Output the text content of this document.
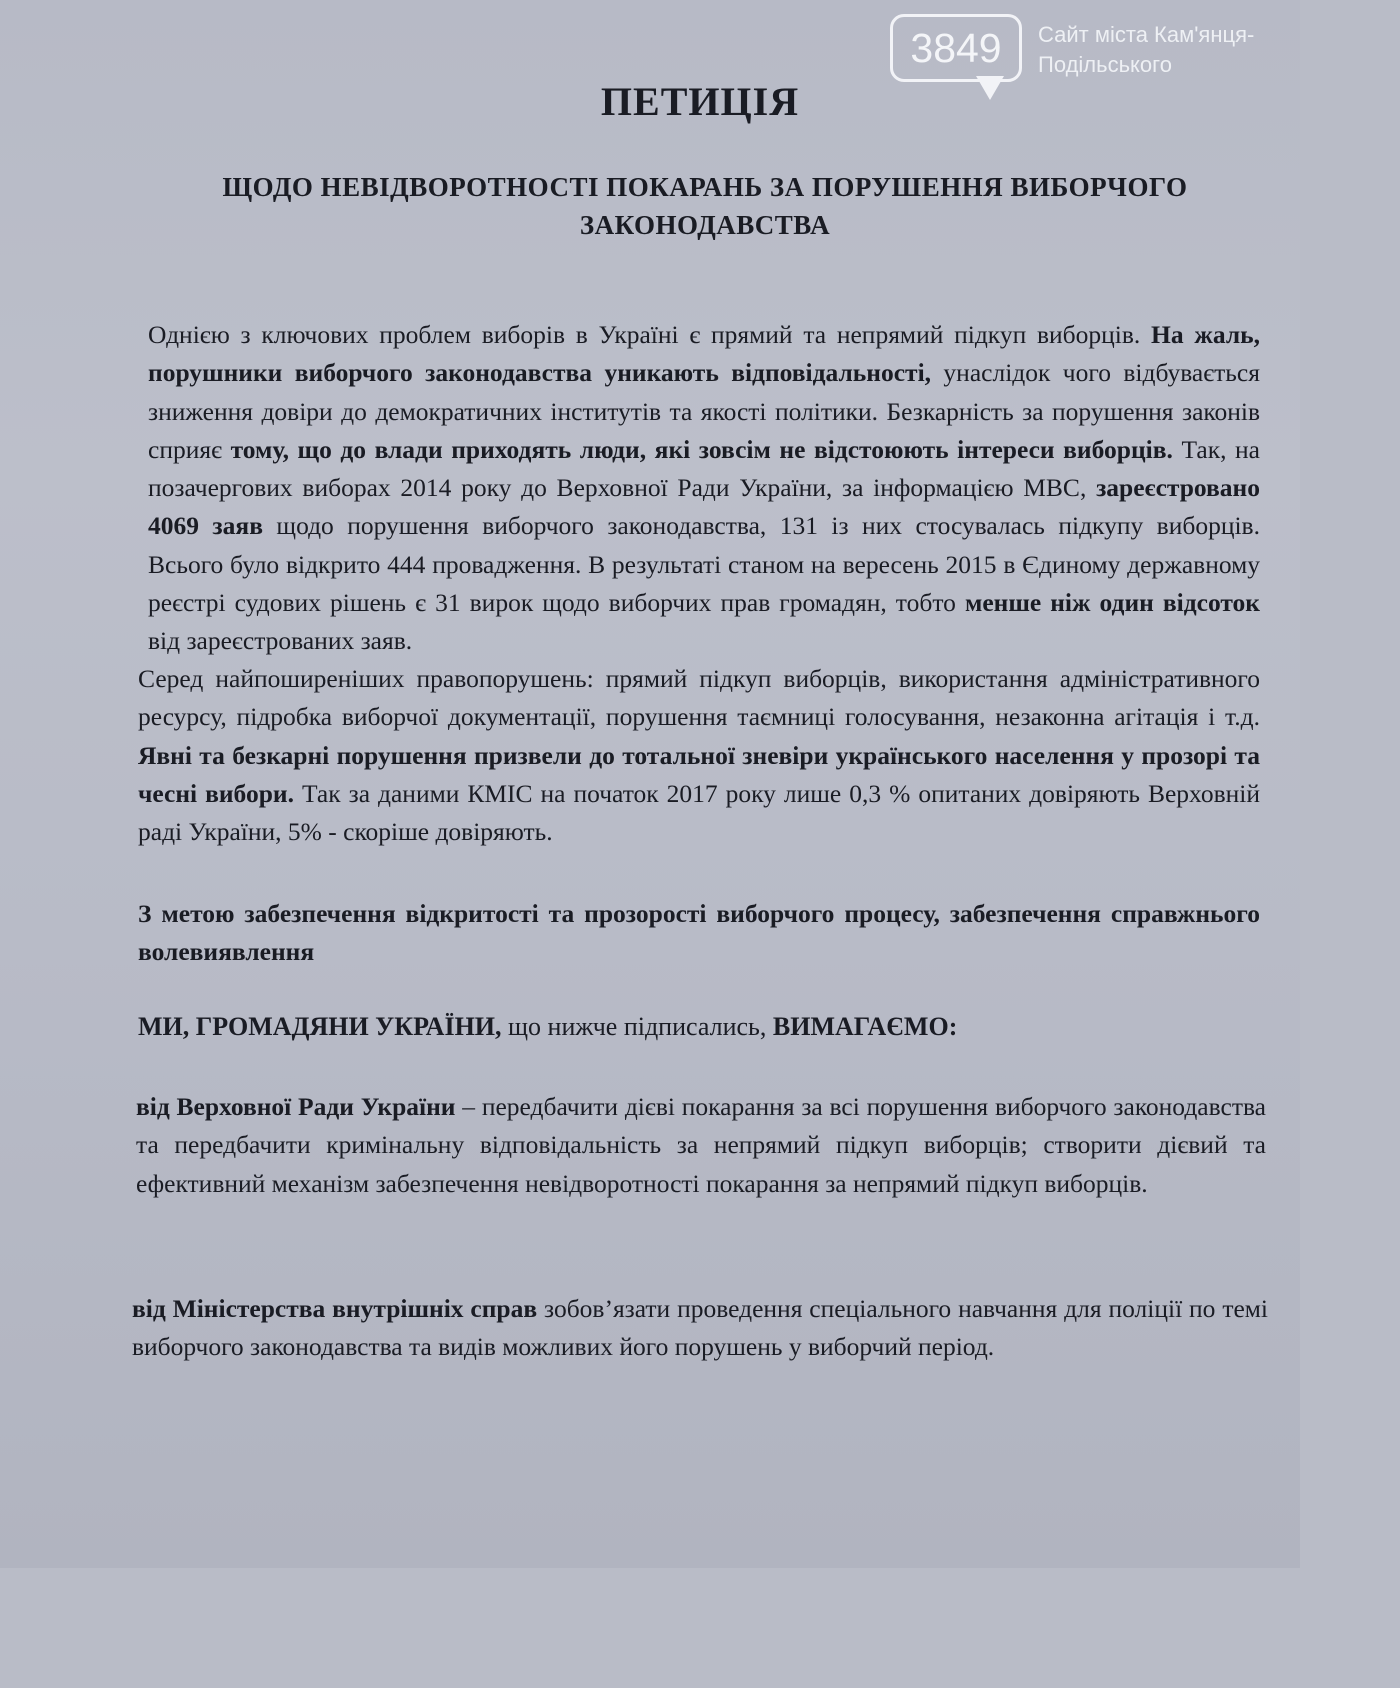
3849	Сайт міста Кам'янця-Подільського
ПЕТИЦІЯ
ЩОДО НЕВІДВОРОТНОСТІ ПОКАРАНЬ ЗА ПОРУШЕННЯ ВИБОРЧОГО ЗАКОНОДАВСТВА

Однією з ключових проблем виборів в Україні є прямий та непрямий підкуп виборців. На жаль, порушники виборчого законодавства уникають відповідальності, унаслідок чого відбувається зниження довіри до демократичних інститутів та якості політики. Безкарність за порушення законів сприяє тому, що до влади приходять люди, які зовсім не відстоюють інтереси виборців. Так, на позачергових виборах 2014 року до Верховної Ради України, за інформацією МВС, зареєстровано 4069 заяв щодо порушення виборчого законодавства, 131 із них стосувалась підкупу виборців. Всього було відкрито 444 провадження. В результаті станом на вересень 2015 в Єдиному державному реєстрі судових рішень є 31 вирок щодо виборчих прав громадян, тобто менше ніж один відсоток від зареєстрованих заяв.

Серед найпоширеніших правопорушень: прямий підкуп виборців, використання адміністративного ресурсу, підробка виборчої документації, порушення таємниці голосування, незаконна агітація і т.д. Явні та безкарні порушення призвели до тотальної зневіри українського населення у прозорі та чесні вибори. Так за даними КМІС на початок 2017 року лише 0,3 % опитаних довіряють Верховній раді України, 5% - скоріше довіряють.

З метою забезпечення відкритості та прозорості виборчого процесу, забезпечення справжнього волевиявлення

МИ, ГРОМАДЯНИ УКРАЇНИ, що нижче підписались, ВИМАГАЄМО:

від Верховної Ради України – передбачити дієві покарання за всі порушення виборчого законодавства та передбачити кримінальну відповідальність за непрямий підкуп виборців; створити дієвий та ефективний механізм забезпечення невідворотності покарання за непрямий підкуп виборців.

від Міністерства внутрішніх справ зобов’язати проведення спеціального навчання для поліції по темі виборчого законодавства та видів можливих його порушень у виборчий період.
